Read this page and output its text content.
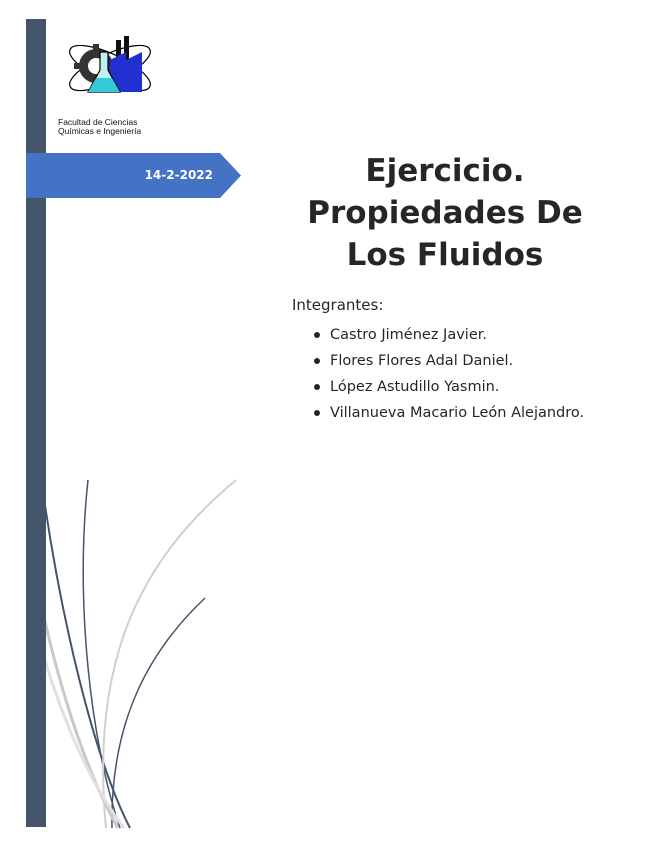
Facultad de Ciencias
Químicas e Ingeniería
14-2-2022	Ejercicio.
Propiedades De
Los Fluidos
Integrantes:
Castro Jiménez Javier.
Flores Flores Adal Daniel.
López Astudillo Yasmin.
Villanueva Macario León Alejandro.
